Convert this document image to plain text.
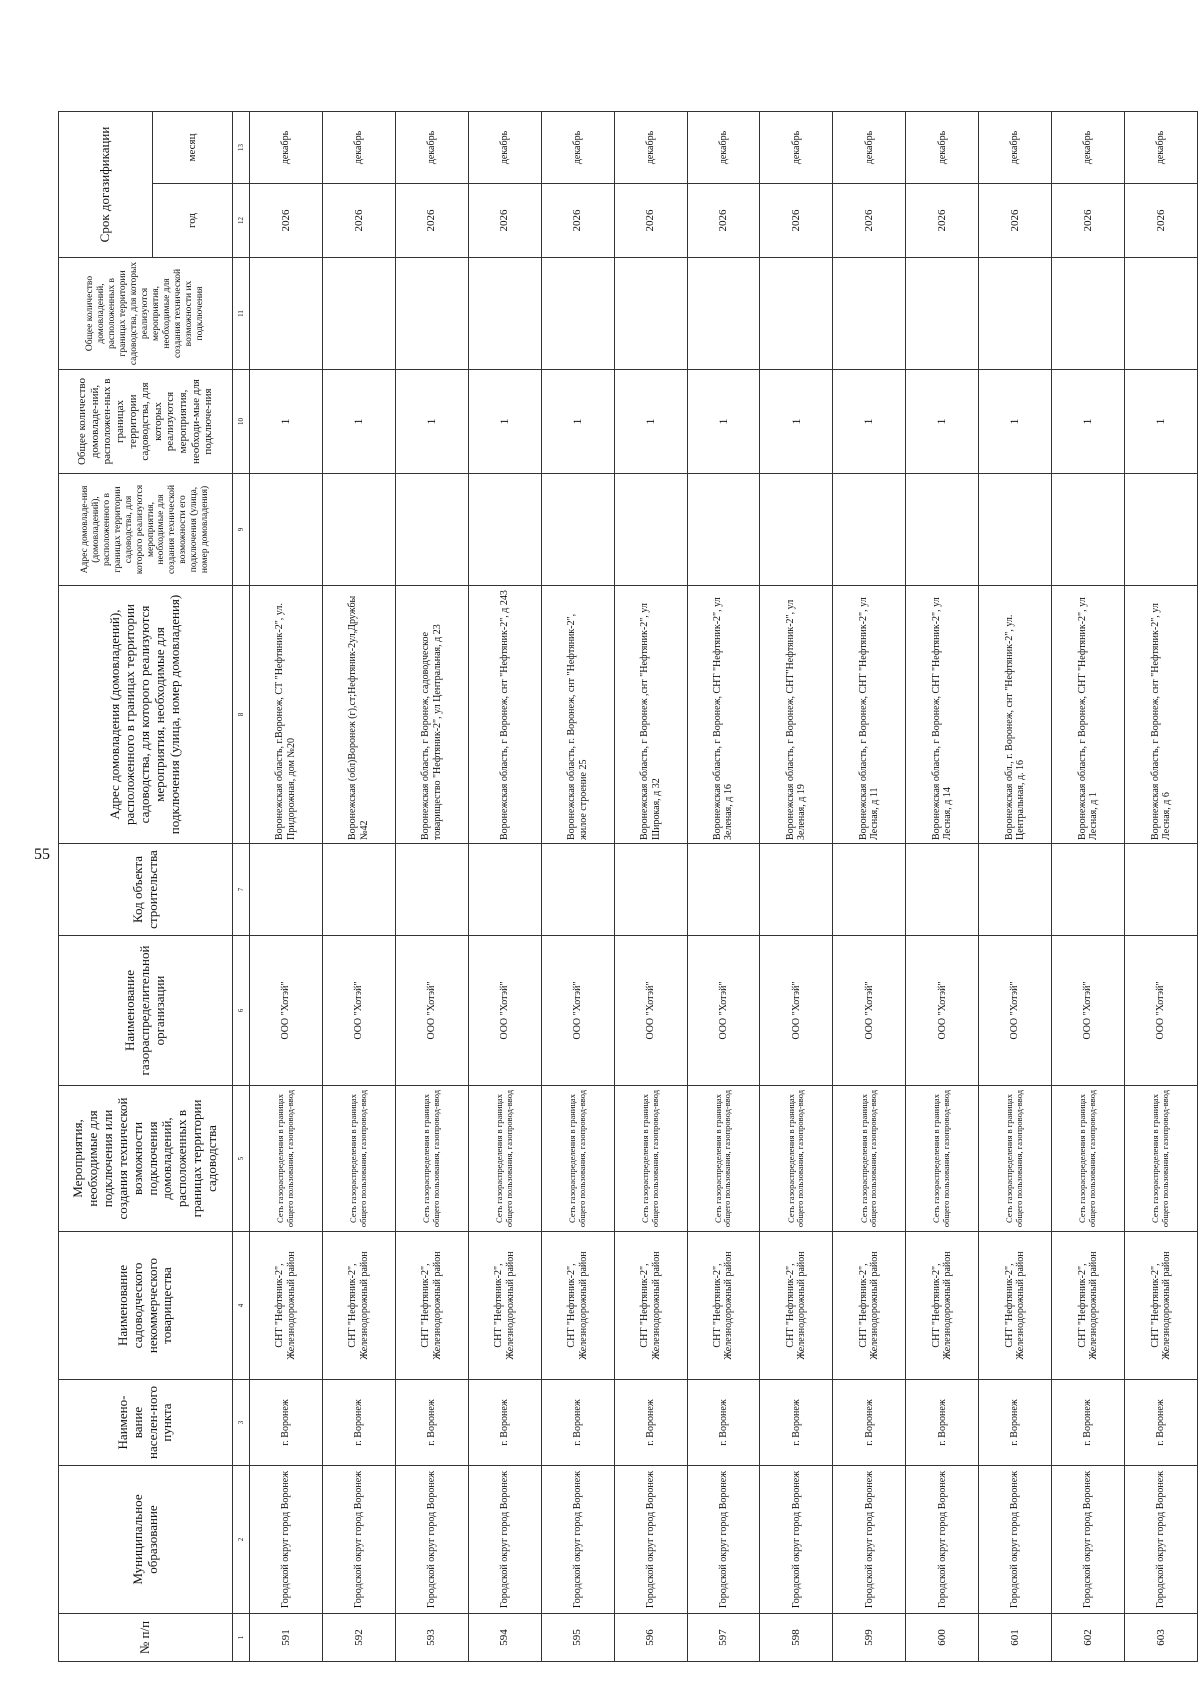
55
№ п/п	Муниципальное образование	Наимено-вание населен-ного пункта	Наименование садоводческого некоммерческого товарищества	Мероприятия, необходимые для подключения или создания технической возможности подключения домовладений, расположенных в границах территории садоводства	Наименование газораспределительной организации	Код объекта строительства	Адрес домовладения (домовладений), расположенного в границах территории садоводства, для которого реализуются мероприятия, необходимые для подключения (улица, номер домовладения)	Адрес домовладе-ния (домовладений), расположенного в границах территории садоводства, для которого реализуются мероприятия, необходимые для создания технической возможности его подключения (улица, номер домовладения)	Общее количество домовладе-ний, расположен-ных в границах территории садоводства, для которых реализуются мероприятия, необходи-мые для подключе-ния	Общее количество домовладений, расположенных в границах территории садоводства, для которых реализуются мероприятия, необходимые для создания технической возможности их подключения	Срок догазификации	
											год	месяц
1	2	3	4	5	6	7	8	9	10	11	12	13
591	Городской округ город Воронеж	г. Воронеж	СНТ "Нефтяник-2", Железнодорожный район	Сеть газораспределения в границах общего пользования, газопровод-ввод	ООО "Хотэй"		Воронежская область, г.Воронеж, СТ "Нефтяник-2", ул. Придорожная, дом №20		1		2026	декабрь
592	Городской округ город Воронеж	г. Воронеж	СНТ "Нефтяник-2", Железнодорожный район	Сеть газораспределения в границах общего пользования, газопровод-ввод	ООО "Хотэй"		Воронежская (обл)Воронеж (г),ст;Нефтяник-2ул,Дружбы №42		1		2026	декабрь
593	Городской округ город Воронеж	г. Воронеж	СНТ "Нефтяник-2", Железнодорожный район	Сеть газораспределения в границах общего пользования, газопровод-ввод	ООО "Хотэй"		Воронежская область, г Воронеж, садоводческое товарищество "Нефтяник-2", ул Центральная, д 23		1		2026	декабрь
594	Городской округ город Воронеж	г. Воронеж	СНТ "Нефтяник-2", Железнодорожный район	Сеть газораспределения в границах общего пользования, газопровод-ввод	ООО "Хотэй"		Воронежская область, г Воронеж, снт "Нефтяник-2", д 243		1		2026	декабрь
595	Городской округ город Воронеж	г. Воронеж	СНТ "Нефтяник-2", Железнодорожный район	Сеть газораспределения в границах общего пользования, газопровод-ввод	ООО "Хотэй"		Воронежская область, г. Воронеж, снт "Нефтяник-2", жилое строение 25		1		2026	декабрь
596	Городской округ город Воронеж	г. Воронеж	СНТ "Нефтяник-2", Железнодорожный район	Сеть газораспределения в границах общего пользования, газопровод-ввод	ООО "Хотэй"		Воронежская область, г Воронеж ,снт "Нефтяник-2", ул Широкая, д 32		1		2026	декабрь
597	Городской округ город Воронеж	г. Воронеж	СНТ "Нефтяник-2", Железнодорожный район	Сеть газораспределения в границах общего пользования, газопровод-ввод	ООО "Хотэй"		Воронежская область, г Воронеж, СНТ "Нефтяник-2", ул Зеленая, д 16		1		2026	декабрь
598	Городской округ город Воронеж	г. Воронеж	СНТ "Нефтяник-2", Железнодорожный район	Сеть газораспределения в границах общего пользования, газопровод-ввод	ООО "Хотэй"		Воронежская область, г Воронеж, СНТ"Нефтяник-2", ул Зеленая, д 19		1		2026	декабрь
599	Городской округ город Воронеж	г. Воронеж	СНТ "Нефтяник-2", Железнодорожный район	Сеть газораспределения в границах общего пользования, газопровод-ввод	ООО "Хотэй"		Воронежская область, г Воронеж, СНТ "Нефтяник-2", ул Лесная, д 11		1		2026	декабрь
600	Городской округ город Воронеж	г. Воронеж	СНТ "Нефтяник-2", Железнодорожный район	Сеть газораспределения в границах общего пользования, газопровод-ввод	ООО "Хотэй"		Воронежская область, г Воронеж, СНТ "Нефтяник-2", ул Лесная, д 14		1		2026	декабрь
601	Городской округ город Воронеж	г. Воронеж	СНТ "Нефтяник-2", Железнодорожный район	Сеть газораспределения в границах общего пользования, газопровод-ввод	ООО "Хотэй"		Воронежская обл., г. Воронеж, снт "Нефтяник-2", ул. Центральная, д. 16		1		2026	декабрь
602	Городской округ город Воронеж	г. Воронеж	СНТ "Нефтяник-2", Железнодорожный район	Сеть газораспределения в границах общего пользования, газопровод-ввод	ООО "Хотэй"		Воронежская область, г Воронеж, СНТ "Нефтяник-2", ул Лесная, д 1		1		2026	декабрь
603	Городской округ город Воронеж	г. Воронеж	СНТ "Нефтяник-2", Железнодорожный район	Сеть газораспределения в границах общего пользования, газопровод-ввод	ООО "Хотэй"		Воронежская область, г Воронеж, снт "Нефтяник-2", ул Лесная, д 6		1		2026	декабрь
